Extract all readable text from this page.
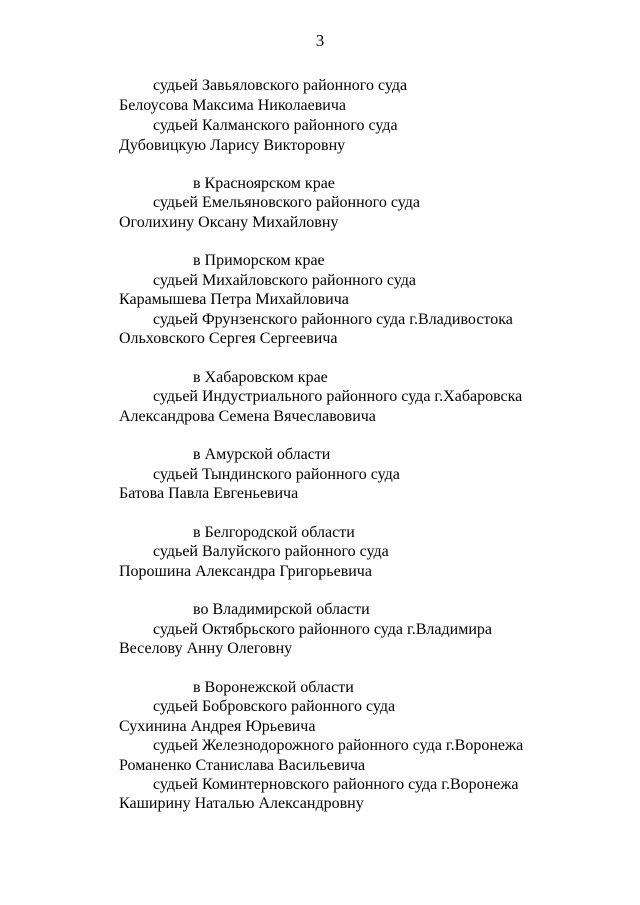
3
судьей Завьяловского районного суда
Белоусова Максима Николаевича
судьей Калманского районного суда
Дубовицкую Ларису Викторовну
в Красноярском крае
судьей Емельяновского районного суда
Оголихину Оксану Михайловну
в Приморском крае
судьей Михайловского районного суда
Карамышева Петра Михайловича
судьей Фрунзенского районного суда г.Владивостока
Ольховского Сергея Сергеевича
в Хабаровском крае
судьей Индустриального районного суда г.Хабаровска
Александрова Семена Вячеславовича
в Амурской области
судьей Тындинского районного суда
Батова Павла Евгеньевича
в Белгородской области
судьей Валуйского районного суда
Порошина Александра Григорьевича
во Владимирской области
судьей Октябрьского районного суда г.Владимира
Веселову Анну Олеговну
в Воронежской области
судьей Бобровского районного суда
Сухинина Андрея Юрьевича
судьей Железнодорожного районного суда г.Воронежа
Романенко Станислава Васильевича
судьей Коминтерновского районного суда г.Воронежа
Каширину Наталью Александровну
